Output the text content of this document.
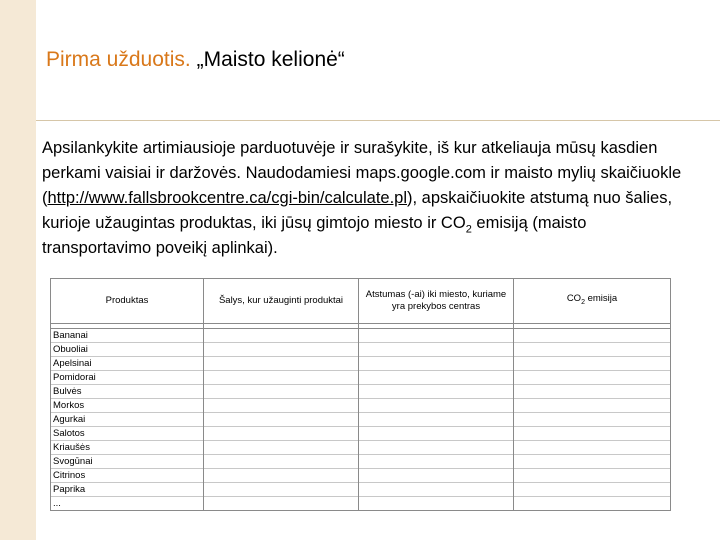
Pirma užduotis. „Maisto kelionė“
Apsilankykite artimiausioje parduotuvėje ir surašykite, iš kur atkeliauja mūsų kasdien perkami vaisiai ir daržovės. Naudodamiesi maps.google.com ir maisto mylių skaičiuokle (http://www.fallsbrookcentre.ca/cgi-bin/calculate.pl), apskaičiuokite atstumą nuo šalies, kurioje užaugintas produktas, iki jūsų gimtojo miesto ir $CO_2$ emisiją (maisto transportavimo poveikį aplinkai).
Produktas	Šalys, kur užauginti produktai	Atstumas (-ai) iki miesto, kuriame yra prekybos centras	$CO_2$ emisija

Bananai			
Obuoliai			
Apelsinai			
Pomidorai			
Bulvės			
Morkos			
Agurkai			
Salotos			
Kriaušės			
Svogūnai			
Citrinos			
Paprika			
...			
